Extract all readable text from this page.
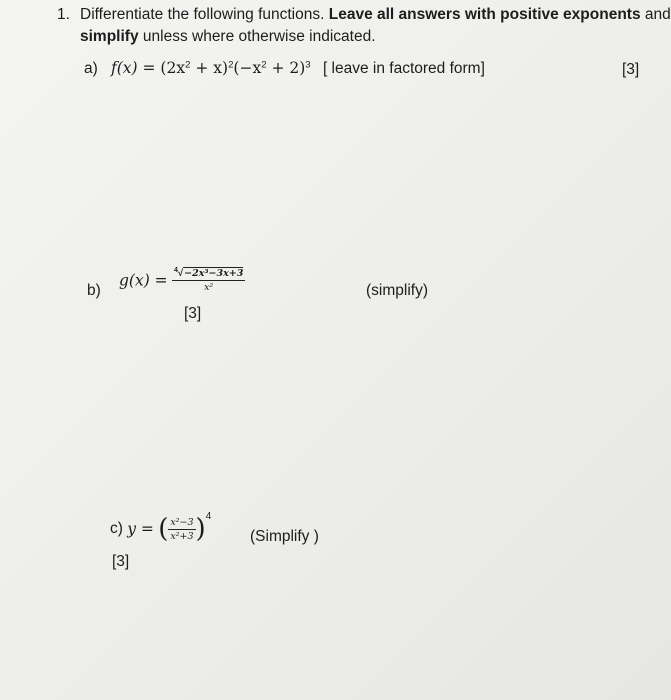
1. Differentiate the following functions. Leave all answers with positive exponents and
simplify unless where otherwise indicated.
a) $f(x) = (2x^2 + x)^2(-x^2 + 2)^3$ [ leave in factored form]	[3]
b)
$g(x) = \frac{^4√-2x^3-3x+3}{\text{x²}}$	(simplify)
[3]
c) y = ( $\frac{\text{x²−3}}{\text{x²+3}} )^4$
(Simplify )
[3]
